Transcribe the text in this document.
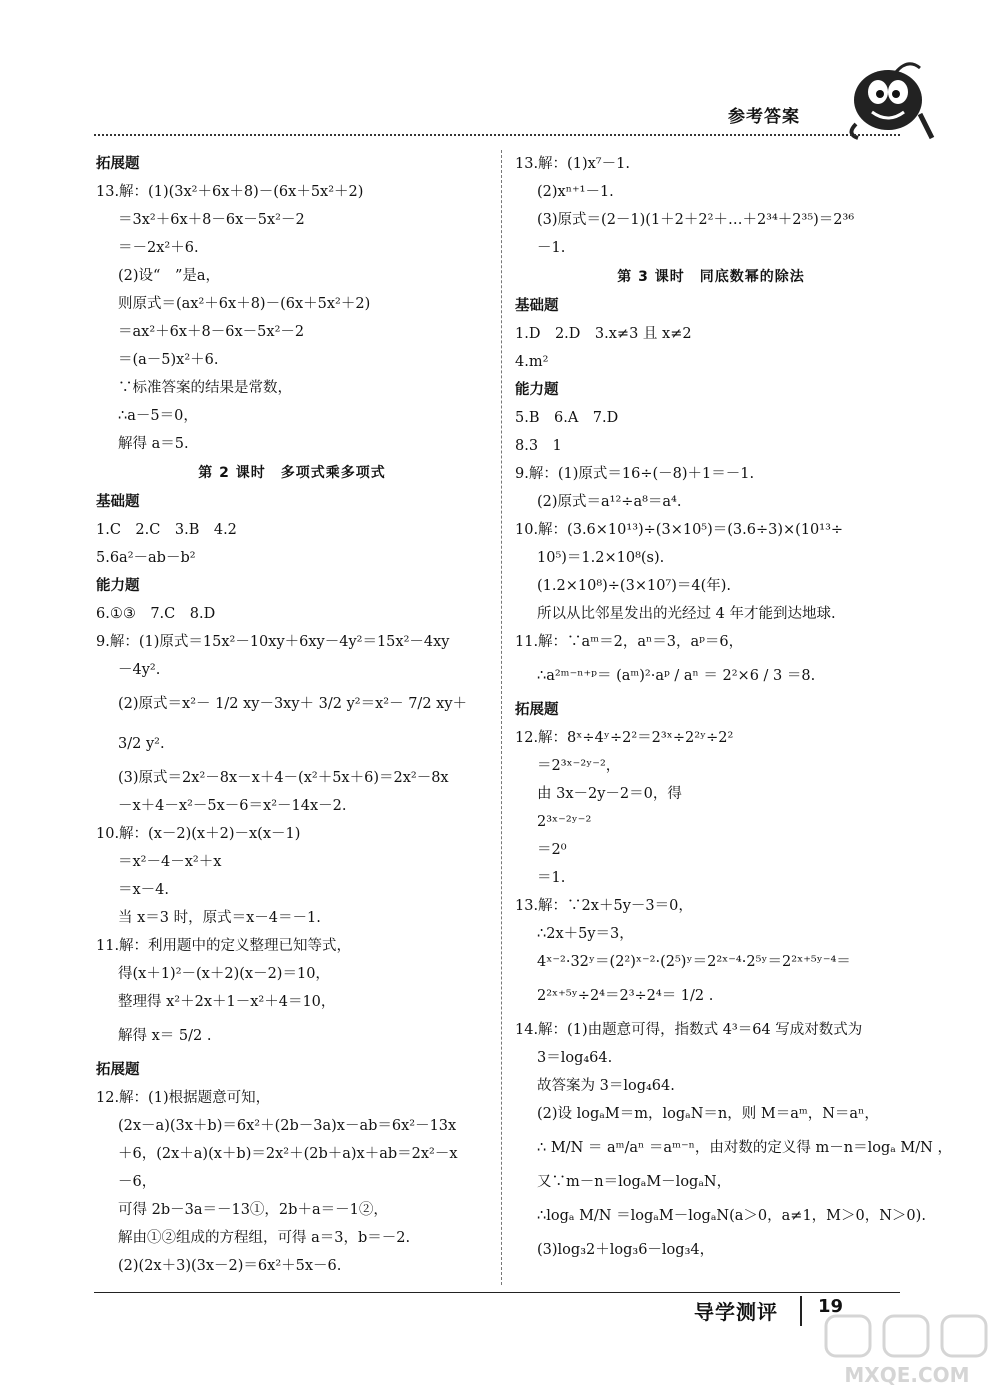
参考答案
拓展题
13.解：(1)(3x²＋6x＋8)－(6x＋5x²＋2)
＝3x²＋6x＋8－6x－5x²－2
＝－2x²＋6.
(2)设“　”是a，
则原式＝(ax²＋6x＋8)－(6x＋5x²＋2)
＝ax²＋6x＋8－6x－5x²－2
＝(a－5)x²＋6.
∵标准答案的结果是常数，
∴a－5＝0，
解得 a＝5.
第 2 课时　多项式乘多项式
基础题
1.C　2.C　3.B　4.2
5.6a²－ab－b²
能力题
6.①③　7.C　8.D
9.解：(1)原式＝15x²－10xy＋6xy－4y²＝15x²－4xy
－4y².
(2)原式＝x²－ 1/2 xy－3xy＋ 3/2 y²＝x²－ 7/2 xy＋
3/2 y².
(3)原式＝2x²－8x－x＋4－(x²＋5x＋6)＝2x²－8x
－x＋4－x²－5x－6＝x²－14x－2.
10.解：(x－2)(x＋2)－x(x－1)
＝x²－4－x²＋x
＝x－4.
当 x＝3 时，原式＝x－4＝－1.
11.解：利用题中的定义整理已知等式，
得(x＋1)²－(x＋2)(x－2)＝10，
整理得 x²＋2x＋1－x²＋4＝10，
解得 x＝ 5/2 .
拓展题
12.解：(1)根据题意可知，
(2x－a)(3x＋b)＝6x²＋(2b－3a)x－ab＝6x²－13x
＋6，(2x＋a)(x＋b)＝2x²＋(2b＋a)x＋ab＝2x²－x
－6，
可得 2b－3a＝－13①，2b＋a＝－1②，
解由①②组成的方程组，可得 a＝3，b＝－2.
(2)(2x＋3)(3x－2)＝6x²＋5x－6.
13.解：(1)x⁷－1.
(2)xⁿ⁺¹－1.
(3)原式＝(2－1)(1＋2＋2²＋…＋2³⁴＋2³⁵)＝2³⁶
－1.
第 3 课时　同底数幂的除法
基础题
1.D　2.D　3.x≠3 且 x≠2
4.m²
能力题
5.B　6.A　7.D
8.3　1
9.解：(1)原式＝16÷(－8)＋1＝－1.
(2)原式＝a¹²÷a⁸＝a⁴.
10.解：(3.6×10¹³)÷(3×10⁵)＝(3.6÷3)×(10¹³÷
10⁵)＝1.2×10⁸(s).
(1.2×10⁸)÷(3×10⁷)＝4(年).
所以从比邻星发出的光经过 4 年才能到达地球.
11.解：∵aᵐ＝2，aⁿ＝3，aᵖ＝6，
∴a²ᵐ⁻ⁿ⁺ᵖ＝ (aᵐ)²·aᵖ / aⁿ ＝ 2²×6 / 3 ＝8.
拓展题
12.解：8ˣ÷4ʸ÷2²＝2³ˣ÷2²ʸ÷2²
＝2³ˣ⁻²ʸ⁻²，
由 3x－2y－2＝0，得
2³ˣ⁻²ʸ⁻²
＝2⁰
＝1.
13.解：∵2x＋5y－3＝0，
∴2x＋5y＝3，
4ˣ⁻²·32ʸ＝(2²)ˣ⁻²·(2⁵)ʸ＝2²ˣ⁻⁴·2⁵ʸ＝2²ˣ⁺⁵ʸ⁻⁴＝
2²ˣ⁺⁵ʸ÷2⁴＝2³÷2⁴＝ 1/2 .
14.解：(1)由题意可得，指数式 4³＝64 写成对数式为
3＝log₄64.
故答案为 3＝log₄64.
(2)设 logₐM＝m，logₐN＝n，则 M＝aᵐ，N＝aⁿ，
∴ M/N ＝ aᵐ/aⁿ ＝aᵐ⁻ⁿ，由对数的定义得 m－n＝logₐ M/N ，
又∵m－n＝logₐM－logₐN，
∴logₐ M/N ＝logₐM－logₐN(a＞0，a≠1，M＞0，N＞0).
(3)log₃2＋log₃6－log₃4，
导学测评 19
MXQE.COM
